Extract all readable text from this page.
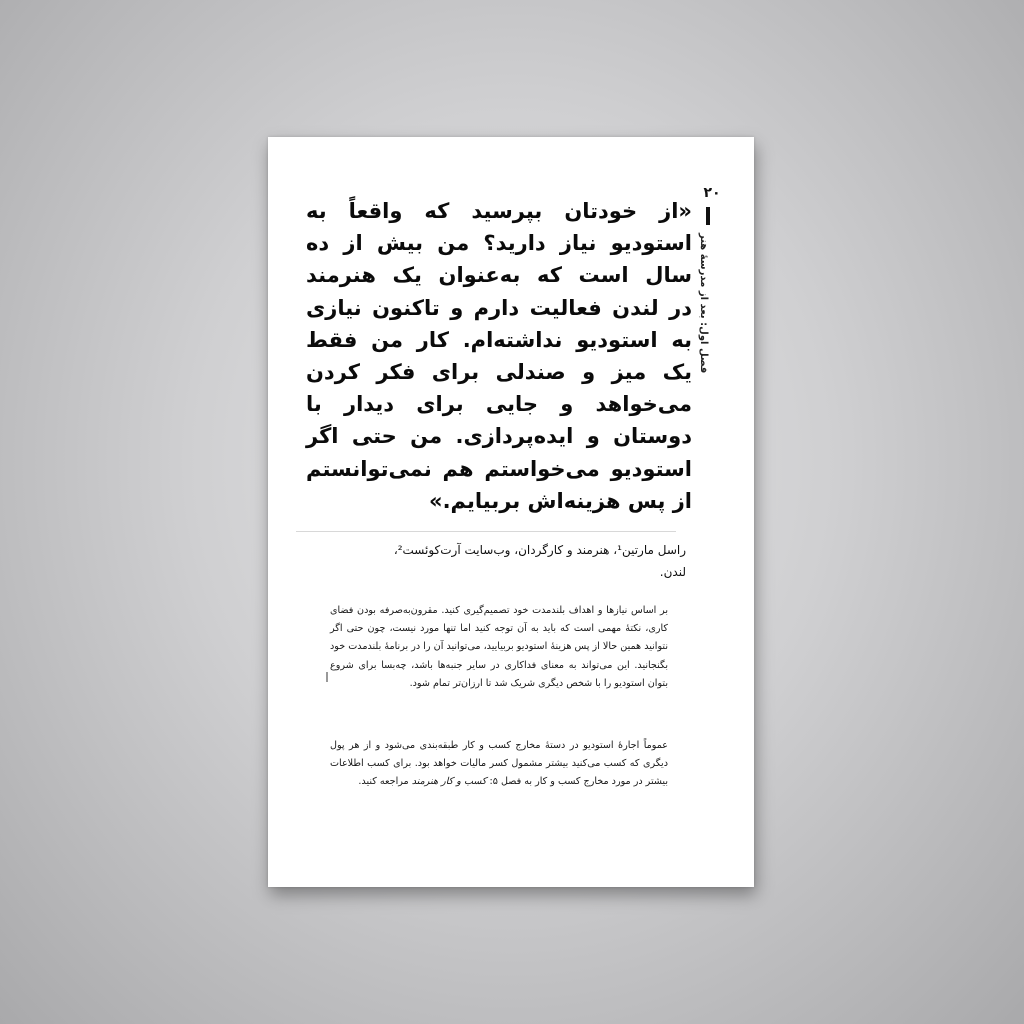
۲۰
فصل اول: بعد از مدرسهٔ هنر
«از خودتان بپرسید که واقعاً به
استودیو نیاز دارید؟ من بیش از ده
سال است که به‌عنوان یک هنرمند
در لندن فعالیت دارم و تاکنون نیازی
به استودیو نداشته‌ام. کار من فقط
یک میز و صندلی برای فکر کردن
می‌خواهد و جایی برای دیدار با
دوستان و ایده‌پردازی. من حتی اگر
استودیو می‌خواستم هم نمی‌توانستم
از پس هزینه‌اش بربیایم.»
راسل مارتین¹، هنرمند و کارگردان، وب‌سایت آرت‌کوئست²،
لندن.
بر اساس نیازها و اهداف بلندمدت خود تصمیم‌گیری کنید. مقرون‌به‌صرفه بودن فضای کاری، نکتهٔ مهمی است که باید به آن توجه کنید اما تنها مورد نیست، چون حتی اگر نتوانید همین حالا از پس هزینهٔ استودیو بربیایید، می‌توانید آن را در برنامهٔ بلندمدت خود بگنجانید. این می‌تواند به معنای فداکاری در سایر جنبه‌ها باشد، چه‌بسا برای شروع بتوان استودیو را با شخص دیگری شریک شد تا ارزان‌تر تمام شود.
عموماً اجارهٔ استودیو در دستهٔ مخارج کسب و کار طبقه‌بندی می‌شود و از هر پول دیگری که کسب می‌کنید بیشتر مشمول کسر مالیات خواهد بود. برای کسب اطلاعات بیشتر در مورد مخارج کسب و کار به فصل ۵: کسب و کار هنرمند مراجعه کنید.
